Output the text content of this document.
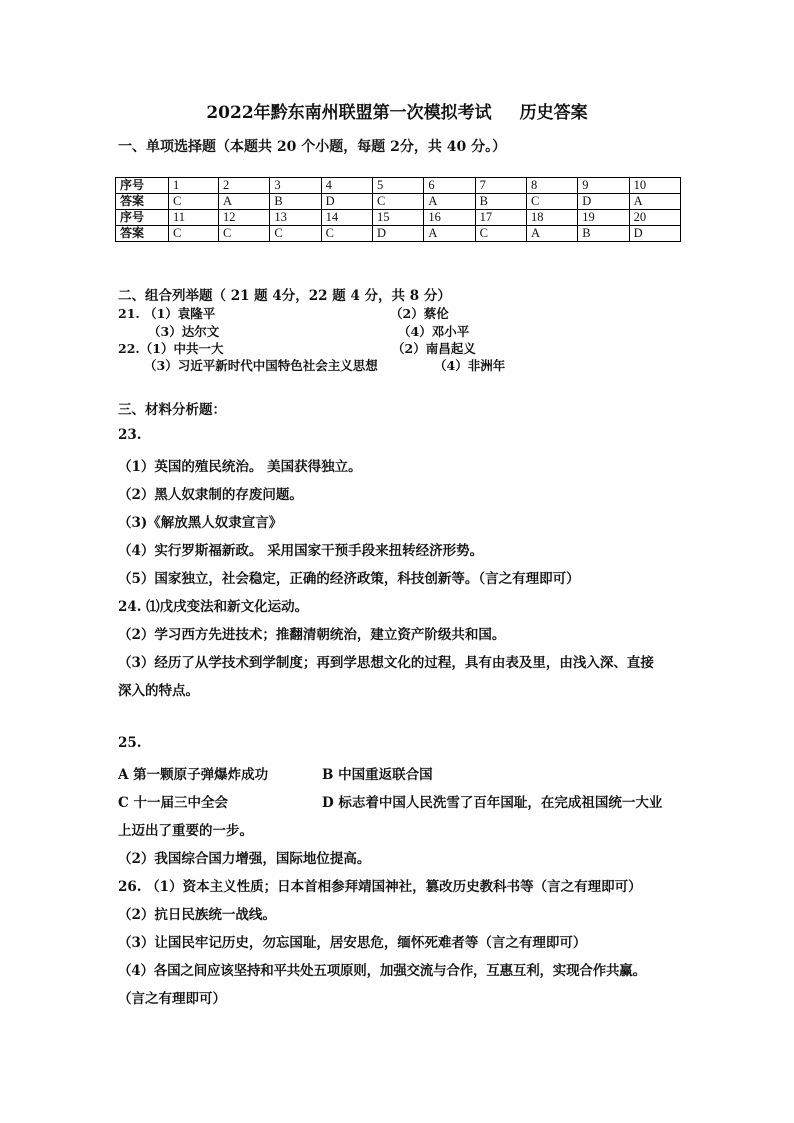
2022年黔东南州联盟第一次模拟考试 历史答案
一、单项选择题（本题共 20 个小题，每题 2分，共 40 分。）
序号	1	2	3	4	5	6	7	8	9	10
答案	C	A	B	D	C	A	B	C	D	A
序号	11	12	13	14	15	16	17	18	19	20
答案	C	C	C	C	D	A	C	A	B	D
二、组合列举题（ 21 题 4分，22 题 4 分，共 8 分）
21. （1）袁隆平	（2）蔡伦
（3）达尔文	（4）邓小平
22.（1）中共一大	（2）南昌起义
（3）习近平新时代中国特色社会主义思想	（4）非洲年
三、材料分析题：
23.
（1）英国的殖民统治。 美国获得独立。
（2）黑人奴隶制的存废问题。
（3)《解放黑人奴隶宣言》
（4）实行罗斯福新政。 采用国家干预手段来扭转经济形势。
（5）国家独立，社会稳定，正确的经济政策，科技创新等。（言之有理即可）
24. ⑴戊戌变法和新文化运动。
（2）学习西方先进技术；推翻清朝统治，建立资产阶级共和国。
（3）经历了从学技术到学制度；再到学思想文化的过程，具有由表及里，由浅入深、直接
深入的特点。
25.
A 第一颗原子弹爆炸成功	B 中国重返联合国
C 十一届三中全会	D 标志着中国人民洗雪了百年国耻，在完成祖国统一大业
上迈出了重要的一步。
（2）我国综合国力增强，国际地位提高。
26. （1）资本主义性质；日本首相参拜靖国神社，篡改历史教科书等（言之有理即可）
（2）抗日民族统一战线。
（3）让国民牢记历史，勿忘国耻，居安思危，缅怀死难者等（言之有理即可）
（4）各国之间应该坚持和平共处五项原则，加强交流与合作，互惠互利，实现合作共赢。
（言之有理即可）
